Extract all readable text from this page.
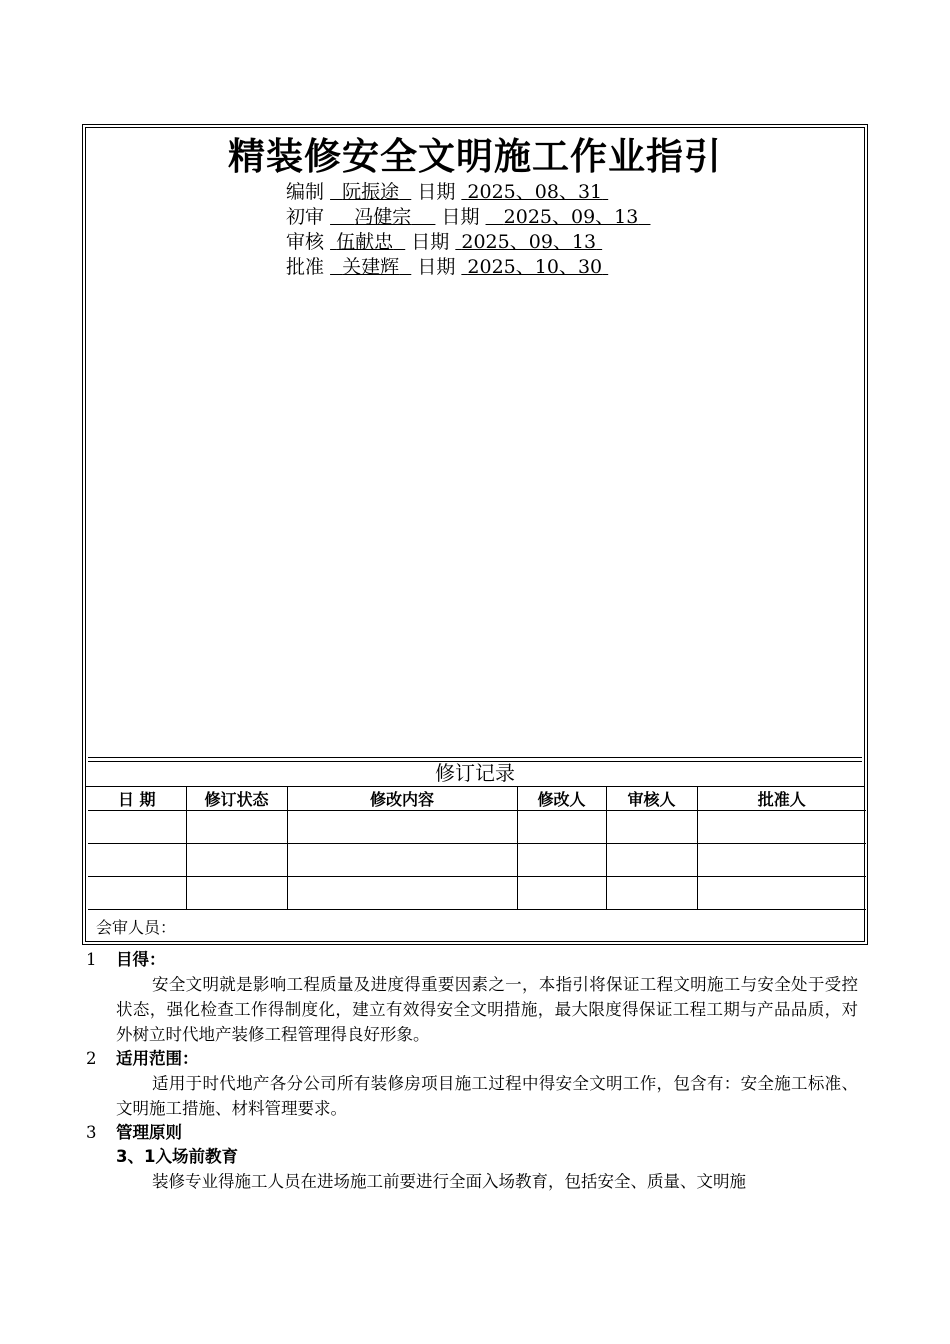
精装修安全文明施工作业指引
编制 阮振途 日期 2025、08、31
初审 冯健宗 日期 2025、09、13
审核 伍献忠 日期 2025、09、13
批准 关建辉 日期 2025、10、30
修订记录
日 期	修订状态	修改内容	修改人	审核人	批准人

会审人员：					
1 目得：
安全文明就是影响工程质量及进度得重要因素之一，本指引将保证工程文明施工与安全处于受控状态，强化检查工作得制度化，建立有效得安全文明措施，最大限度得保证工程工期与产品品质，对外树立时代地产装修工程管理得良好形象。
2 适用范围：
适用于时代地产各分公司所有装修房项目施工过程中得安全文明工作，包含有：安全施工标准、文明施工措施、材料管理要求。
3 管理原则
3、1入场前教育
装修专业得施工人员在进场施工前要进行全面入场教育，包括安全、质量、文明施
